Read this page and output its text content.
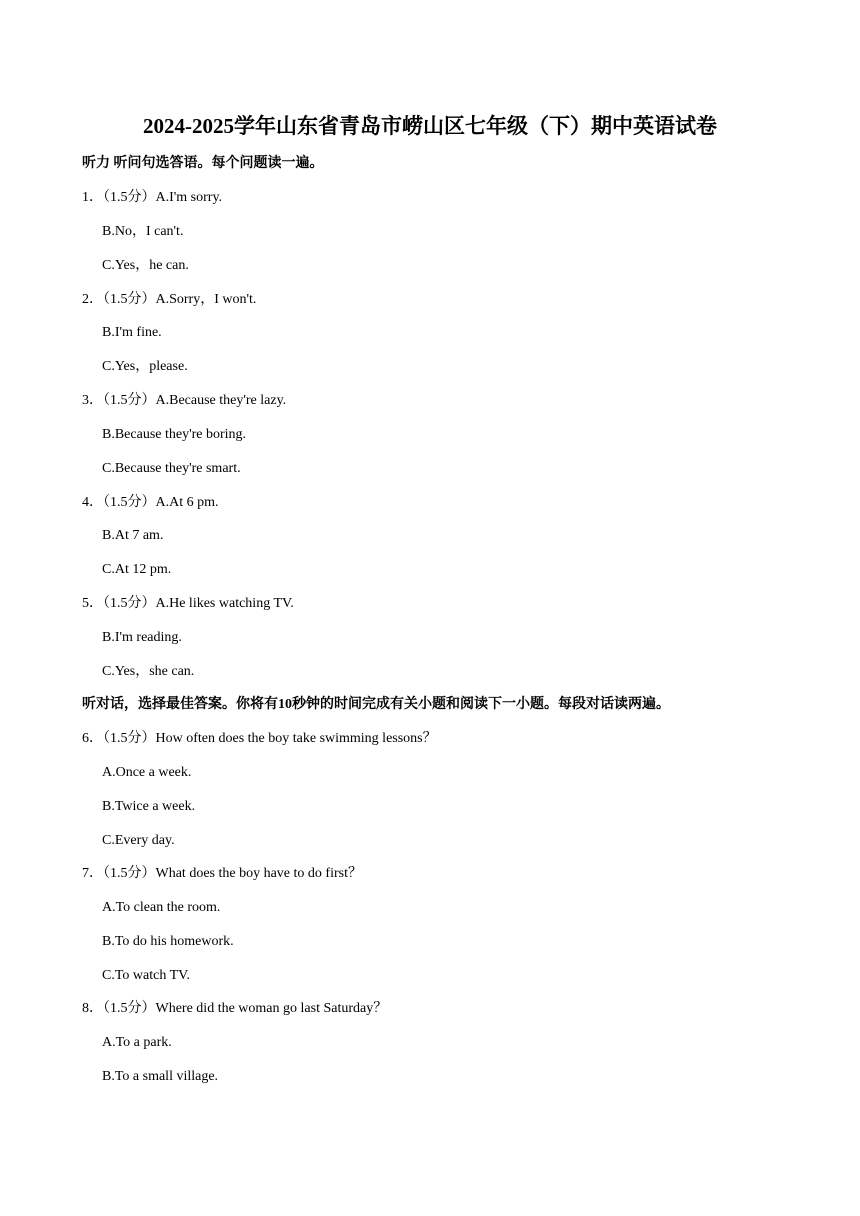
2024-2025学年山东省青岛市崂山区七年级（下）期中英语试卷
听力 听问句选答语。每个问题读一遍。
1．（1.5分）A.I'm sorry.
B.No，I can't.
C.Yes，he can.
2．（1.5分）A.Sorry，I won't.
B.I'm fine.
C.Yes，please.
3．（1.5分）A.Because they're lazy.
B.Because they're boring.
C.Because they're smart.
4．（1.5分）A.At 6 pm.
B.At 7 am.
C.At 12 pm.
5．（1.5分）A.He likes watching TV.
B.I'm reading.
C.Yes，she can.
听对话，选择最佳答案。你将有10秒钟的时间完成有关小题和阅读下一小题。每段对话读两遍。
6．（1.5分）How often does the boy take swimming lessons？
A.Once a week.
B.Twice a week.
C.Every day.
7．（1.5分）What does the boy have to do first？
A.To clean the room.
B.To do his homework.
C.To watch TV.
8．（1.5分）Where did the woman go last Saturday？
A.To a park.
B.To a small village.
